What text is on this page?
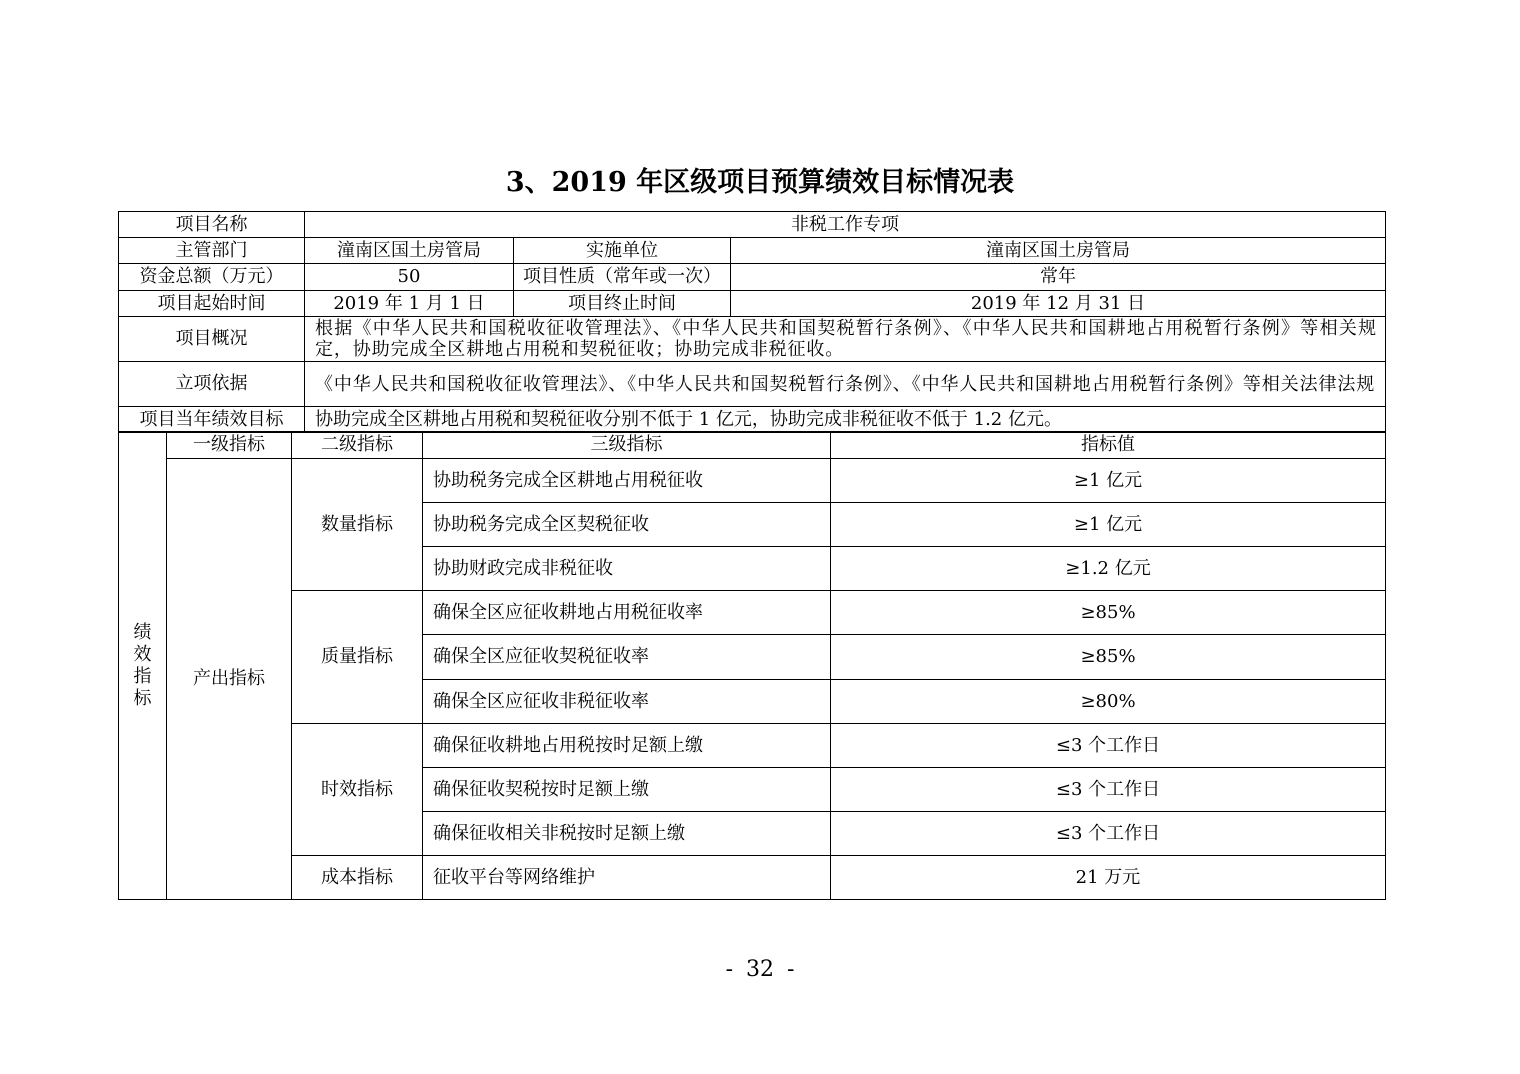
3、2019 年区级项目预算绩效目标情况表
项目名称	非税工作专项		
主管部门	潼南区国土房管局	实施单位	潼南区国土房管局
资金总额（万元）	50	项目性质（常年或一次）	常年
项目起始时间	2019 年 1 月 1 日	项目终止时间	2019 年 12 月 31 日
项目概况	根据《中华人民共和国税收征收管理法》、《中华人民共和国契税暂行条例》、《中华人民共和国耕地占用税暂行条例》等相关规定，协助完成全区耕地占用税和契税征收；协助完成非税征收。		
立项依据	《中华人民共和国税收征收管理法》、《中华人民共和国契税暂行条例》、《中华人民共和国耕地占用税暂行条例》等相关法律法规		
项目当年绩效目标	协助完成全区耕地占用税和契税征收分别不低于 1 亿元，协助完成非税征收不低于 1.2 亿元。		
绩效指标	一级指标	二级指标	三级指标	指标值
	产出指标	数量指标	协助税务完成全区耕地占用税征收	≥1 亿元
			协助税务完成全区契税征收	≥1 亿元
			协助财政完成非税征收	≥1.2 亿元
		质量指标	确保全区应征收耕地占用税征收率	≥85%
			确保全区应征收契税征收率	≥85%
			确保全区应征收非税征收率	≥80%
		时效指标	确保征收耕地占用税按时足额上缴	≤3 个工作日
			确保征收契税按时足额上缴	≤3 个工作日
			确保征收相关非税按时足额上缴	≤3 个工作日
		成本指标	征收平台等网络维护	21 万元
- 32 -
